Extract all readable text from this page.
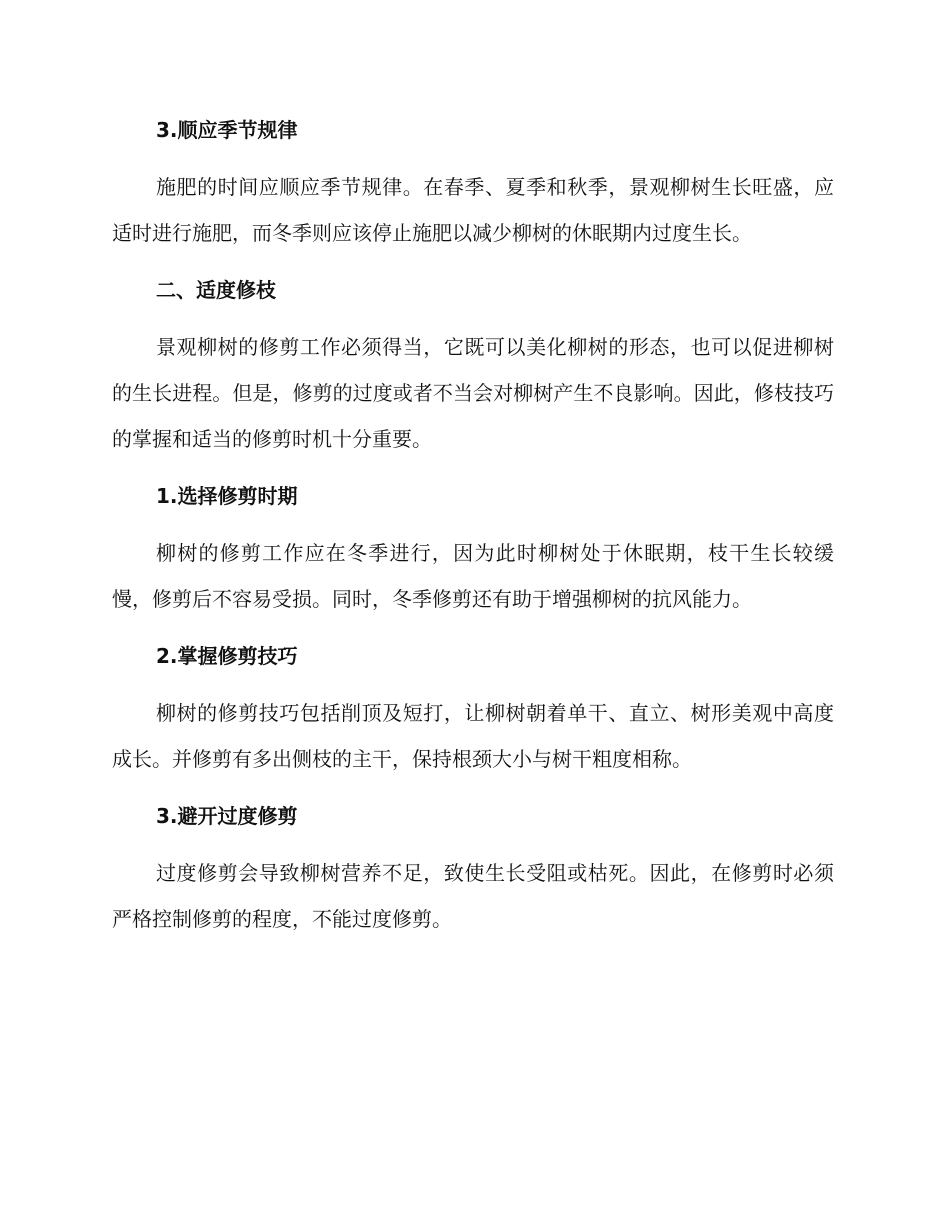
3.顺应季节规律

施肥的时间应顺应季节规律。在春季、夏季和秋季，景观柳树生长旺盛，应适时进行施肥，而冬季则应该停止施肥以减少柳树的休眠期内过度生长。

二、适度修枝

景观柳树的修剪工作必须得当，它既可以美化柳树的形态，也可以促进柳树的生长进程。但是，修剪的过度或者不当会对柳树产生不良影响。因此，修枝技巧的掌握和适当的修剪时机十分重要。

1.选择修剪时期

柳树的修剪工作应在冬季进行，因为此时柳树处于休眠期，枝干生长较缓慢，修剪后不容易受损。同时，冬季修剪还有助于增强柳树的抗风能力。

2.掌握修剪技巧

柳树的修剪技巧包括削顶及短打，让柳树朝着单干、直立、树形美观中高度成长。并修剪有多出侧枝的主干，保持根颈大小与树干粗度相称。

3.避开过度修剪

过度修剪会导致柳树营养不足，致使生长受阻或枯死。因此，在修剪时必须严格控制修剪的程度，不能过度修剪。
